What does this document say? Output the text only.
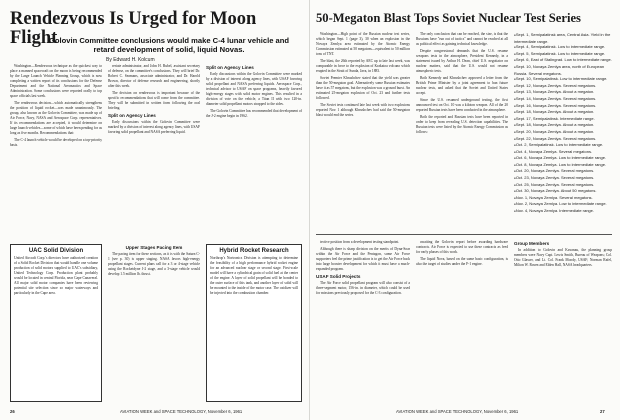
Rendezvous Is Urged for Moon Flight
Golovin Committee conclusions would make C-4 lunar vehicle and retard development of solid, liquid Novas.
By Edward H. Kolcum

Washington—Rendezvous technique as the quickest way to place a manned spacecraft on the moon is being recommended by the Large Launch Vehicle Planning Group, which is now completing a written report of its conclusions for the Defense Department and the National Aeronautics and Space Administration. Some conclusions were reported orally to top space officials last week.

The rendezvous decision—which automatically strengthens the position of liquid rocket—was made unanimously. The group, also known as the Golovin Committee, was made up of Air Force, Navy, NASA and Aerospace Corp. representatives. If its recommendations are accepted, it would determine on large launch vehicles—some of which have been pending for as long as five months. Recommendations that:

The C-4 launch vehicle would be developed on a top-priority basis.

reriate administrator, and John H. Rubel, assistant secretary of defense, on the committee's conclusions. They will brief Dr. Robert C. Seamans, associate administrator, and Dr. Harold Brown, director of defense research and engineering, shortly after this week.

The decision on rendezvous is important because of the specific recommendations that will come from the committee. They will be submitted in written form following the oral briefing.

Split on Agency Lines

Early discussions within the Golovin Committee were marked by a division of interest along agency lines, with USAF favoring solid propellant and NASA preferring liquid.

Split on Agency Lines

Early discussions within the Golovin Committee were marked by a division of interest along agency lines, with USAF favoring solid propellant and NASA preferring liquids. Aerospace Corp., technical advisor to USAF on space programs, heavily favored high-energy stages with solid motor engines. This resulted in a division of vote on the vehicle, a Titan II with two 120-in. diameter solid propellant motors strapped to the sides.

The Golovin Committee has recommended that development of the J-2 engine begin in 1962.

UAC Solid Division
United Aircraft Corp.'s directors have authorized creation of a Solid Rocket Division that would handle one volume production of solid motors supplied to UAC's subsidiary, United Technology Corp. Production plant probably would be located in central Florida, near Cape Canaveral. All major solid motor companies have been reviewing potential site selection since so major waterways and particularly in the Cape area.
Upper Stages Pacing Item

The pacing item for these sections, as it is with the Saturn C-1 (see p. 30) is upper staging. NASA favors high-energy propellant stages. Current plans call for a 3 or 4-stage vehicle using the Rocketdyne J-2 stage, and a 3-stage vehicle would develop 1.5 million lb. thrust.

Hybrid Rocket Research
Northrop's Nortronics Division is attempting to determine the feasibility of a high performance hybrid rocket engine for an advanced nuclear stage or second stage. First-scale model will have a cylindrical grain of solid fuel at the center of the engine. A layer of solid propellant will be bonded to the outer surface of this tank, and another layer of solid will be mounted to the inside of the motor case. The oxidizer will be injected into the combustion chamber.
26	AVIATION WEEK and SPACE TECHNOLOGY, November 6, 1961
50-Megaton Blast Tops Soviet Nuclear Test Series

Washington—High point of the Russian nuclear test series, which began Sept. 1 (page 3), 30 when an explosion in the Novaya Zemlya area estimated by the Atomic Energy Commission estimated at 50 megatons—equivalent to 50 million tons of TNT.

The blast, the 26th reported by AEC up to late last week, was comparable in force to the explosion of Krakatoa volcano which erupted in the Strait of Sunda, Java, in 1883.

Soviet Premier Khrushchev stated that the yield was greater than the 50-megaton goal. Alternatively some Russian estimates have it as 57 megatons, but the explosion was a ground burst. An estimated 25-megaton explosion of Oct. 23 and further tests followed.

The Soviet tests continued late last week with two explosions reported Nov. 1 although Khrushchev had said the 50-megaton blast would end the series.

The only conclusion that can be reached, the size, is that the Russians have "run out of tactics" and cannot be reached at all as political effect as gaining technical knowledge.

Despite congressional demands that the U.S. resume weapons tests in the atmosphere, President Kennedy, in a statement issued by Arthur H. Dean, chief U.S. negotiator on nuclear matters, said that the U.S. would not resume atmospheric tests.

Both Kennedy and Khrushchev approved a letter from the British Prime Minister by a joint agreement to ban future nuclear tests, and asked that the Soviet and United States accept.

Since the U.S. resumed underground testing, the first announced test on Oct. 10 was a kiloton weapon. All of the 20 reported Russian tests have been conducted in the atmosphere.

Both the reported and Russian tests have been reported in order to keep from revealing U.S. detection capabilities. The Russian tests were listed by the Atomic Energy Commission as follows:

● Sept. 1, Semipalatinsk area, Central Asia. Yield in the intermediate range.
● Sept. 4, Semipalatinsk. Low to intermediate range.
● Sept. 5, Semipalatinsk. Low to intermediate range.
● Sept. 6, East of Stalingrad. Low to intermediate range.
● Sept. 10, Novaya Zemlya area, north of European Russia. Several megatons.
● Sept. 10, Semipalatinsk. Low to intermediate range.
● Sept. 12, Novaya Zemlya. Several megatons.
● Sept. 13, Novaya Zemlya. About a megaton.
● Sept. 14, Novaya Zemlya. Several megatons.
● Sept. 16, Novaya Zemlya. Several megatons.
● Sept. 18, Novaya Zemlya. About a megaton.
● Sept. 17, Semipalatinsk. Intermediate range.
● Sept. 18, Novaya Zemlya. About a megaton.
● Sept. 20, Novaya Zemlya. About a megaton.
● Sept. 22, Novaya Zemlya. Several megatons.
● Oct. 2, Semipalatinsk. Low to intermediate range.
● Oct. 4, Novaya Zemlya. Several megatons.
● Oct. 6, Novaya Zemlya. Low to intermediate range.
● Oct. 8, Novaya Zemlya. Low to intermediate range.
● Oct. 20, Novaya Zemlya. Several megatons.
● Oct. 23, Novaya Zemlya. Several megatons.
● Oct. 25, Novaya Zemlya. Several megatons.
● Oct. 30, Novaya Zemlya. About 50 megatons.
● Nov. 1, Novaya Zemlya. Several megatons.
● Nov. 2, Novaya Zemlya. Low to intermediate range.
● Nov. 4, Novaya Zemlya. Intermediate range.

tective position from a development testing standpoint.

Although there is sharp division on the merits of Dyna-Soar within the Air Force and the Pentagon, some Air Force supporters feel the prime justification is to get the Air Force back into large booster development for which it must have a much-expanded program.

USAF Solid Projects

The Air Force solid propellant program will also consist of a three-segment motor, 156-in. in diameter, which could be used for missions previously proposed for the C-3 configuration.

awaiting the Golovin report before awarding hardware contracts. Air Force is expected to use these contracts as feed for early phases of this work.

The liquid Nova, based on the same basic configuration, is also the target of studies under the F-1 engine.

Group Members

In addition to Golovin and Kavanau, the planning group members were Navy Capt. Lewis Smith, Bureau of Weapons; Col. Otto Glasser, and Lt. Col. Frank Moody, USAF; Norman Rafel, Milton W. Rosen and Elden Hall, NASA headquarters.

AVIATION WEEK and SPACE TECHNOLOGY, November 6, 1961	27
